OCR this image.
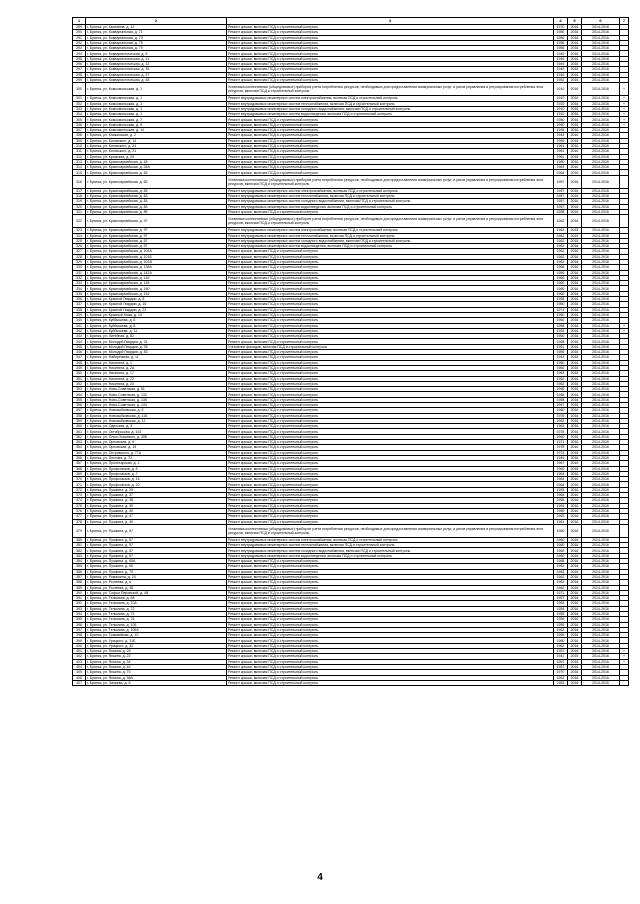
1	2	3	4	5	6	7
289	г. Брянск, ул. Калинина, д. 12	Ремонт крыши, включая ПСД и строительный контроль	1970	2016	2014-2016	
290	г. Брянск, ул. Коммунальная, д. 71	Ремонт крыши, включая ПСД и строительный контроль	1950	2016	2014-2016	
291	г. Брянск, ул. Коммунальная, д. 73	Ремонт крыши, включая ПСД и строительный контроль	1950	2016	2014-2016	
292	г. Брянск, ул. Коммунальная, д. 75	Ремонт крыши, включая ПСД и строительный контроль	1956	2016	2014-2016	
293	г. Брянск, ул. Коммунальная, д. 79	Ремонт крыши, включая ПСД и строительный контроль	1956	2016	2014-2016	
294	г. Брянск, ул. Коммунистическая, д. 9	Ремонт крыши, включая ПСД и строительный контроль	1949	2016	2014-2016	
295	г. Брянск, ул. Коммунистическая, д. 11	Ремонт крыши, включая ПСД и строительный контроль	1949	2016	2014-2016	
296	г. Брянск, ул. Коммунистическая, д. 13	Ремонт крыши, включая ПСД и строительный контроль	1949	2016	2014-2016	
297	г. Брянск, ул. Коммунистическая, д. 35	Ремонт крыши, включая ПСД и строительный контроль	1949	2016	2014-2016	
298	г. Брянск, ул. Коммунистическая, д. 37	Ремонт крыши, включая ПСД и строительный контроль	1949	2016	2014-2016	
299	г. Брянск, ул. Коммунистическая, д. 48	Ремонт крыши, включая ПСД и строительный контроль	1952	2016	2014-2016	
300	г. Брянск, ул. Комсомольская, д. 1	Установка коллективных (общедомовых) приборов учета потребления ресурсов, необходимых для предоставления коммунальных услуг, и узлов управления и регулирования потребления этих ресурсов, включая ПСД и строительный контроль	1910	2016	2014-2016	+
301	г. Брянск, ул. Комсомольская, д. 1	Ремонт внутридомовых инженерных систем электроснабжения, включая ПСД и строительный контроль	1910	2016	2014-2016	+
302	г. Брянск, ул. Комсомольская, д. 1	Ремонт внутридомовых инженерных систем теплоснабжения, включая ПСД и строительный контроль	1910	2016	2014-2016	+
303	г. Брянск, ул. Комсомольская, д. 1	Ремонт внутридомовых инженерных систем холодного водоснабжения, включая ПСД и строительный контроль	1910	2016	2014-2016	+
304	г. Брянск, ул. Комсомольская, д. 1	Ремонт внутридомовых инженерных систем водоотведения, включая ПСД и строительный контроль	1910	2016	2014-2016	+
305	г. Брянск, ул. Комсомольская, д. 7	Ремонт крыши, включая ПСД и строительный контроль	1950	2016	2014-2016	+
306	г. Брянск, ул. Комсомольская, д. 9	Ремонт крыши, включая ПСД и строительный контроль	1950	2016	2014-2016	+
307	г. Брянск, ул. Комсомольская, д. 14	Ремонт крыши, включая ПСД и строительный контроль	1936	2016	2014-2016	
308	г. Брянск, ул. Княжинская, д. 2	Ремонт крыши, включая ПСД и строительный контроль	1944	2016	2014-2016	
309	г. Брянск, ул. Котовского, д. 14	Ремонт крыши, включая ПСД и строительный контроль	1959	2016	2014-2016	
310	г. Брянск, ул. Котовского, д. 24	Ремонт крыши, включая ПСД и строительный контроль	1961	2016	2014-2016	
311	г. Брянск, ул. Котовского, д. 21	Ремонт крыши, включая ПСД и строительный контроль	1961	2016	2014-2016	
312	г. Брянск, ул. Кромская, д. 24	Ремонт крыши, включая ПСД и строительный контроль	1961	2016	2014-2016	
313	г. Брянск, ул. Красноармейская, д. 18	Ремонт крыши, включая ПСД и строительный контроль	1960	2016	2014-2016	
314	г. Брянск, ул. Красноармейская, д. 24А	Ремонт крыши, включая ПСД и строительный контроль	1963	2016	2014-2016	
315	г. Брянск, ул. Красноармейская, д. 63	Ремонт крыши, включая ПСД и строительный контроль	1964	2016	2014-2016	
316	г. Брянск, ул. Красноармейская, д. 83	Установка коллективных (общедомовых) приборов учета потребления ресурсов, необходимых для предоставления коммунальных услуг, и узлов управления и регулирования потребления этих ресурсов, включая ПСД и строительный контроль	1957	2016	2014-2016	
317	г. Брянск, ул. Красноармейская, д. 83	Ремонт внутридомовых инженерных систем электроснабжения, включая ПСД и строительный контроль	1957	2016	2014-2016	
318	г. Брянск, ул. Красноармейская, д. 83	Ремонт внутридомовых инженерных систем теплоснабжения, включая ПСД и строительный контроль	1957	2016	2014-2016	
319	г. Брянск, ул. Красноармейская, д. 83	Ремонт внутридомовых инженерных систем холодного водоснабжения, включая ПСД и строительный контроль	1957	2016	2014-2016	
320	г. Брянск, ул. Красноармейская, д. 83	Ремонт внутридомовых инженерных систем водоотведения, включая ПСД и строительный контроль	1957	2016	2014-2016	
321	г. Брянск, ул. Красноармейская, д. 89	Ремонт крыши, включая ПСД и строительный контроль	1958	2016	2014-2016	
322	г. Брянск, ул. Красноармейская, д. 97	Установка коллективных (общедомовых) приборов учета потребления ресурсов, необходимых для предоставления коммунальных услуг, и узлов управления и регулирования потребления этих ресурсов, включая ПСД и строительный контроль	1962	2016	2014-2016	
323	г. Брянск, ул. Красноармейская, д. 97	Ремонт внутридомовых инженерных систем электроснабжения, включая ПСД и строительный контроль	1962	2015	2014-2016	
324	г. Брянск, ул. Красноармейская, д. 97	Ремонт внутридомовых инженерных систем теплоснабжения, включая ПСД и строительный контроль	1962	2015	2014-2016	
325	г. Брянск, ул. Красноармейская, д. 97	Ремонт внутридомовых инженерных систем холодного водоснабжения, включая ПСД и строительный контроль	1962	2015	2014-2016	
326	г. Брянск, ул. Красноармейская, д. 97	Ремонт внутридомовых инженерных систем водоотведения, включая ПСД и строительный контроль	1962	2016	2014-2016	
327	г. Брянск, ул. Красноармейская, д. 101А	Ремонт крыши, включая ПСД и строительный контроль	1962	2016	2014-2016	
328	г. Брянск, ул. Красноармейская, д. 101Б	Ремонт крыши, включая ПСД и строительный контроль	1962	2016	2014-2016	
329	г. Брянск, ул. Красноармейская, д. 101В	Ремонт крыши, включая ПСД и строительный контроль	1962	2016	2014-2016	
330	г. Брянск, ул. Красноармейская, д. 138А	Ремонт крыши, включая ПСД и строительный контроль	1966	2016	2014-2016	
331	г. Брянск, ул. Красноармейская, д. 142А	Ремонт крыши, включая ПСД и строительный контроль	1959	2016	2014-2016	
332	г. Брянск, ул. Красноармейская, д. 146	Ремонт крыши, включая ПСД и строительный контроль	1960	2016	2014-2016	
333	г. Брянск, ул. Красноармейская, д. 148	Ремонт крыши, включая ПСД и строительный контроль	1960	2016	2014-2016	
334	г. Брянск, ул. Красноармейская, д. 150	Ремонт крыши, включая ПСД и строительный контроль	1960	2016	2014-2016	
335	г. Брянск, ул. Красноармейская, д. 152	Ремонт крыши, включая ПСД и строительный контроль	1960	2016	2014-2016	
336	г. Брянск, ул. Красной Гвардии, д. 8	Ремонт крыши, включая ПСД и строительный контроль	1958	2016	2014-2016	
337	г. Брянск, ул. Красной Гвардии, д. 16	Ремонт крыши, включая ПСД и строительный контроль	1960	2016	2014-2016	
338	г. Брянск, ул. Красной Гвардии, д. 22	Ремонт крыши, включая ПСД и строительный контроль	1971	2016	2014-2016	
339	г. Брянск, ул. Красный Маяк, д. 24	Ремонт крыши, включая ПСД и строительный контроль	1960	2016	2014-2016	
340	г. Брянск, ул. Куйбышева, д. 6	Ремонт крыши, включая ПСД и строительный контроль	1960	2016	2014-2016	
341	г. Брянск, ул. Куйбышева, д. 8	Ремонт крыши, включая ПСД и строительный контроль	1958	2016	2014-2016	+
342	г. Брянск, ул. Куйбышева, д. 11	Ремонт крыши, включая ПСД и строительный контроль	1953	2016	2014-2016	+
343	г. Брянск, ул. Литейная, д. 82	Ремонт крыши, включая ПСД и строительный контроль	1960	2016	2014-2016	
344	г. Брянск, ул. Молодой Гвардии, д. 31	Ремонт крыши, включая ПСД и строительный контроль	1958	2016	2014-2016	
345	г. Брянск, ул. Молодой Гвардии, д. 35	Утепление фасадов, включая ПСД и строительный контроль	1961	2016	2014-2016	
346	г. Брянск, ул. Молодой Гвардии, д. 83	Ремонт крыши, включая ПСД и строительный контроль	1959	2016	2014-2016	
347	г. Брянск, ул. Набережная, д. 11	Ремонт крыши, включая ПСД и строительный контроль	1944	2016	2014-2016	
348	г. Брянск, ул. Никитина, д. 1	Ремонт крыши, включая ПСД и строительный контроль	1960	2016	2014-2016	
349	г. Брянск, ул. Никитина, д. 2А	Ремонт крыши, включая ПСД и строительный контроль	1960	2016	2014-2016	
350	г. Брянск, ул. Никитина, д. 17	Ремонт крыши, включая ПСД и строительный контроль	1963	2016	2014-2016	
351	г. Брянск, ул. Никитина, д. 22	Ремонт крыши, включая ПСД и строительный контроль	1962	2016	2014-2016	
352	г. Брянск, ул. Никитина, д. 24	Ремонт крыши, включая ПСД и строительный контроль	1962	2016	2014-2016	
353	г. Брянск, ул. Ново-Советская, д. 81	Ремонт крыши, включая ПСД и строительный контроль	1956	2016	2014-2016	
354	г. Брянск, ул. Ново-Советская, д. 132	Ремонт крыши, включая ПСД и строительный контроль	1958	2016	2014-2016	
355	г. Брянск, ул. Ново-Советская, д. 138	Ремонт крыши, включая ПСД и строительный контроль	1958	2016	2014-2016	
356	г. Брянск, ул. Ново-Советская, д. 144	Ремонт крыши, включая ПСД и строительный контроль	1957	2016	2014-2016	
357	г. Брянск, ул. Новозыбковская, д. 5	Ремонт крыши, включая ПСД и строительный контроль	1960	2016	2014-2016	
358	г. Брянск, ул. Новозыбковская, д. 11Б	Ремонт крыши, включая ПСД и строительный контроль	1976	2016	2014-2016	
359	г. Брянск, ул. Новозыбковская, д. 12	Ремонт крыши, включая ПСД и строительный контроль	1962	2016	2014-2016	
360	г. Брянск, ул. Одесская, д. 3	Ремонт крыши, включая ПСД и строительный контроль	1962	2016	2014-2016	
361	г. Брянск, ул. Октябрьская, д. 103	Ремонт крыши, включая ПСД и строительный контроль	1978	2016	2014-2016	
362	г. Брянск, ул. Ольги Кошевого, д. 39Б	Ремонт крыши, включая ПСД и строительный контроль	1960	2016	2014-2016	
363	г. Брянск, ул. Орловская, д. 6	Ремонт крыши, включая ПСД и строительный контроль	1971	2016	2014-2016	
364	г. Брянск, ул. Орловская, д. 15	Ремонт крыши, включая ПСД и строительный контроль	1978	2016	2014-2016	
365	г. Брянск, ул. Островского, д. 77А	Ремонт крыши, включая ПСД и строительный контроль	1974	2016	2014-2016	
366	г. Брянск, ул. Пестова, д. 72	Ремонт крыши, включая ПСД и строительный контроль	1949	2016	2014-2016	
367	г. Брянск, ул. Пролетарская, д. 2	Ремонт крыши, включая ПСД и строительный контроль	1967	2015	2014-2016	
368	г. Брянск, ул. Профсоюзов, д. 5	Ремонт крыши, включая ПСД и строительный контроль	1960	2016	2014-2016	
369	г. Брянск, ул. Профсоюзов, д. 7	Ремонт крыши, включая ПСД и строительный контроль	1964	2016	2014-2016	
370	г. Брянск, ул. Профсоюзов, д. 16	Ремонт крыши, включая ПСД и строительный контроль	1964	2016	2014-2016	
371	г. Брянск, ул. Профсоюзов, д. 20	Ремонт крыши, включая ПСД и строительный контроль	1964	2016	2014-2016	
372	г. Брянск, ул. Пушкина, д. 29	Ремонт крыши, включая ПСД и строительный контроль	1953	2016	2014-2016	
373	г. Брянск, ул. Пушкина, д. 37	Ремонт крыши, включая ПСД и строительный контроль	1964	2016	2014-2016	
374	г. Брянск, ул. Пушкина, д. 38	Ремонт крыши, включая ПСД и строительный контроль	1958	2016	2014-2016	
375	г. Брянск, ул. Пушкина, д. 39	Ремонт крыши, включая ПСД и строительный контроль	1954	2016	2014-2016	
376	г. Брянск, ул. Пушкина, д. 40	Ремонт крыши, включая ПСД и строительный контроль	1959	2016	2014-2016	
377	г. Брянск, ул. Пушкина, д. 47	Ремонт крыши, включая ПСД и строительный контроль	1963	2016	2014-2016	
378	г. Брянск, ул. Пушкина, д. 49	Ремонт крыши, включая ПСД и строительный контроль	1961	2016	2014-2016	
379	г. Брянск, ул. Пушкина, д. 57	Установка коллективных (общедомовых) приборов учета потребления ресурсов, необходимых для предоставления коммунальных услуг, и узлов управления и регулирования потребления этих ресурсов, включая ПСД и строительный контроль	1960	2016	2014-2016	
380	г. Брянск, ул. Пушкина, д. 57	Ремонт внутридомовых инженерных систем электроснабжения, включая ПСД и строительный контроль	1960	2016	2014-2016	
381	г. Брянск, ул. Пушкина, д. 57	Ремонт внутридомовых инженерных систем теплоснабжения, включая ПСД и строительный контроль	1960	2016	2014-2016	
382	г. Брянск, ул. Пушкина, д. 57	Ремонт внутридомовых инженерных систем холодного водоснабжения, включая ПСД и строительный контроль	1960	2016	2014-2016	
383	г. Брянск, ул. Пушкина, д. 57	Ремонт внутридомовых инженерных систем водоотведения, включая ПСД и строительный контроль	1960	2016	2014-2016	
384	г. Брянск, ул. Пушкина, д. 65А	Ремонт крыши, включая ПСД и строительный контроль	1968	2016	2014-2016	
385	г. Брянск, ул. Пушкина, д. 66	Ремонт крыши, включая ПСД и строительный контроль	1962	2016	2014-2016	
386	г. Брянск, ул. Пушкина, д. 70	Ремонт крыши, включая ПСД и строительный контроль	1963	2016	2014-2016	
387	г. Брянск, ул. Ромашина, д. 24	Ремонт крыши, включая ПСД и строительный контроль	1962	2016	2014-2016	
388	г. Брянск, ул. Рылеева, д. 6	Ремонт крыши, включая ПСД и строительный контроль	1962	2016	2014-2016	
389	г. Брянск, ул. Рылеева, д. 48	Ремонт крыши, включая ПСД и строительный контроль	1962	2016	2014-2016	
390	г. Брянск, ул. Софьи Перовской, д. 48	Ремонт крыши, включая ПСД и строительный контроль	1971	2016	2014-2016	
391	г. Брянск, ул. Тельмана, д. 68	Ремонт крыши, включая ПСД и строительный контроль	1957	2016	2014-2016	
392	г. Брянск, ул. Тельмана, д. 70А	Ремонт крыши, включая ПСД и строительный контроль	1963	2016	2014-2016	
393	г. Брянск, ул. Тельмана, д. 72	Ремонт крыши, включая ПСД и строительный контроль	1954	2016	2014-2016	
394	г. Брянск, ул. Тельмана, д. 74	Ремонт крыши, включая ПСД и строительный контроль	1955	2016	2014-2016	
395	г. Брянск, ул. Тельмана, д. 76	Ремонт крыши, включая ПСД и строительный контроль	1959	2016	2014-2016	
396	г. Брянск, ул. Тельмана, д. 109	Ремонт крыши, включая ПСД и строительный контроль	1959	2016	2014-2016	
397	г. Брянск, ул. Тельмана, д. 109А	Ремонт крыши, включая ПСД и строительный контроль	1962	2016	2014-2016	
398	г. Брянск, ул. Трамвайная, д. 10	Ремонт крыши, включая ПСД и строительный контроль	1959	2016	2014-2016	
399	г. Брянск, ул. Урицкого, д. 31Б	Ремонт крыши, включая ПСД и строительный контроль	1960	2016	2014-2016	
400	г. Брянск, ул. Урицкого, д. 32	Ремонт крыши, включая ПСД и строительный контроль	1962	2016	2014-2016	
401	г. Брянск, ул. Фокина, д. 26	Ремонт крыши, включая ПСД и строительный контроль	1957	2016	2014-2016	+
402	г. Брянск, ул. Фокина, д. 22	Ремонт крыши, включая ПСД и строительный контроль	1941	2015	2014-2016	+
403	г. Брянск, ул. Фокина, д. 34	Ремонт крыши, включая ПСД и строительный контроль	1957	2016	2014-2016	+
404	г. Брянск, ул. Фокина, д. 62	Ремонт крыши, включая ПСД и строительный контроль	1957	2016	2014-2016	
405	г. Брянск, ул. Фокина, д. 70	Ремонт крыши, включая ПСД и строительный контроль	1970	2016	2014-2016	
406	г. Брянск, ул. Фокина, д. 96А	Ремонт крыши, включая ПСД и строительный контроль	1952	2016	2014-2016	
407	г. Брянск, ул. Чапаева, д. 6	Ремонт крыши, включая ПСД и строительный контроль	1953	2016	2014-2016	
4
